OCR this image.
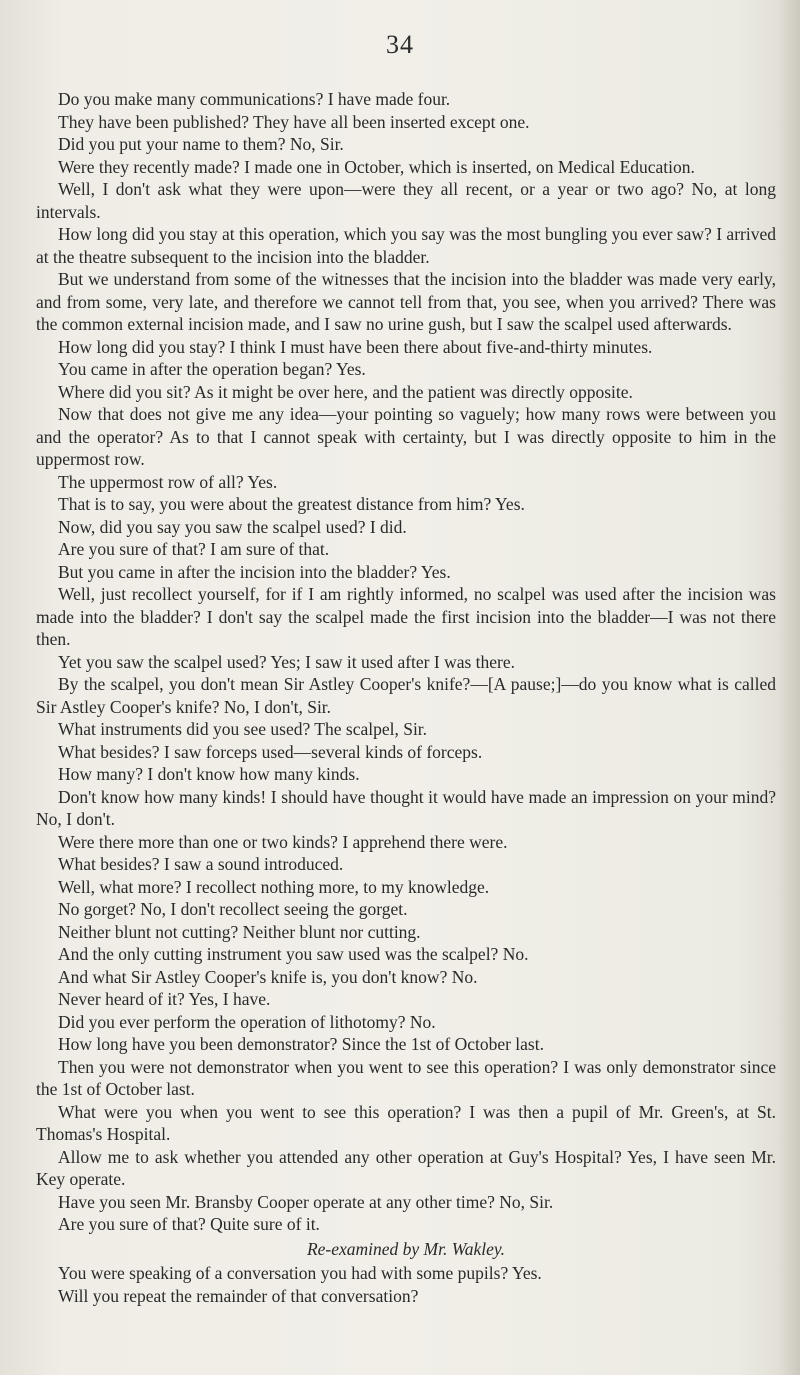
34

Do you make many communications? I have made four.

They have been published? They have all been inserted except one.

Did you put your name to them? No, Sir.

Were they recently made? I made one in October, which is inserted, on Medical Education.

Well, I don't ask what they were upon—were they all recent, or a year or two ago? No, at long intervals.

How long did you stay at this operation, which you say was the most bungling you ever saw? I arrived at the theatre subsequent to the incision into the bladder.

But we understand from some of the witnesses that the incision into the bladder was made very early, and from some, very late, and therefore we cannot tell from that, you see, when you arrived? There was the common external incision made, and I saw no urine gush, but I saw the scalpel used afterwards.

How long did you stay? I think I must have been there about five-and-thirty minutes.

You came in after the operation began? Yes.

Where did you sit? As it might be over here, and the patient was directly opposite.

Now that does not give me any idea—your pointing so vaguely; how many rows were between you and the operator? As to that I cannot speak with certainty, but I was directly opposite to him in the uppermost row.

The uppermost row of all? Yes.

That is to say, you were about the greatest distance from him? Yes.

Now, did you say you saw the scalpel used? I did.

Are you sure of that? I am sure of that.

But you came in after the incision into the bladder? Yes.

Well, just recollect yourself, for if I am rightly informed, no scalpel was used after the incision was made into the bladder? I don't say the scalpel made the first incision into the bladder—I was not there then.

Yet you saw the scalpel used? Yes; I saw it used after I was there.

By the scalpel, you don't mean Sir Astley Cooper's knife?—[A pause;]—do you know what is called Sir Astley Cooper's knife? No, I don't, Sir.

What instruments did you see used? The scalpel, Sir.

What besides? I saw forceps used—several kinds of forceps.

How many? I don't know how many kinds.

Don't know how many kinds! I should have thought it would have made an impression on your mind? No, I don't.

Were there more than one or two kinds? I apprehend there were.

What besides? I saw a sound introduced.

Well, what more? I recollect nothing more, to my knowledge.

No gorget? No, I don't recollect seeing the gorget.

Neither blunt not cutting? Neither blunt nor cutting.

And the only cutting instrument you saw used was the scalpel? No.

And what Sir Astley Cooper's knife is, you don't know? No.

Never heard of it? Yes, I have.

Did you ever perform the operation of lithotomy? No.

How long have you been demonstrator? Since the 1st of October last.

Then you were not demonstrator when you went to see this operation? I was only demonstrator since the 1st of October last.

What were you when you went to see this operation? I was then a pupil of Mr. Green's, at St. Thomas's Hospital.

Allow me to ask whether you attended any other operation at Guy's Hospital? Yes, I have seen Mr. Key operate.

Have you seen Mr. Bransby Cooper operate at any other time? No, Sir.

Are you sure of that? Quite sure of it.

Re-examined by Mr. Wakley.

You were speaking of a conversation you had with some pupils? Yes.

Will you repeat the remainder of that conversation?
